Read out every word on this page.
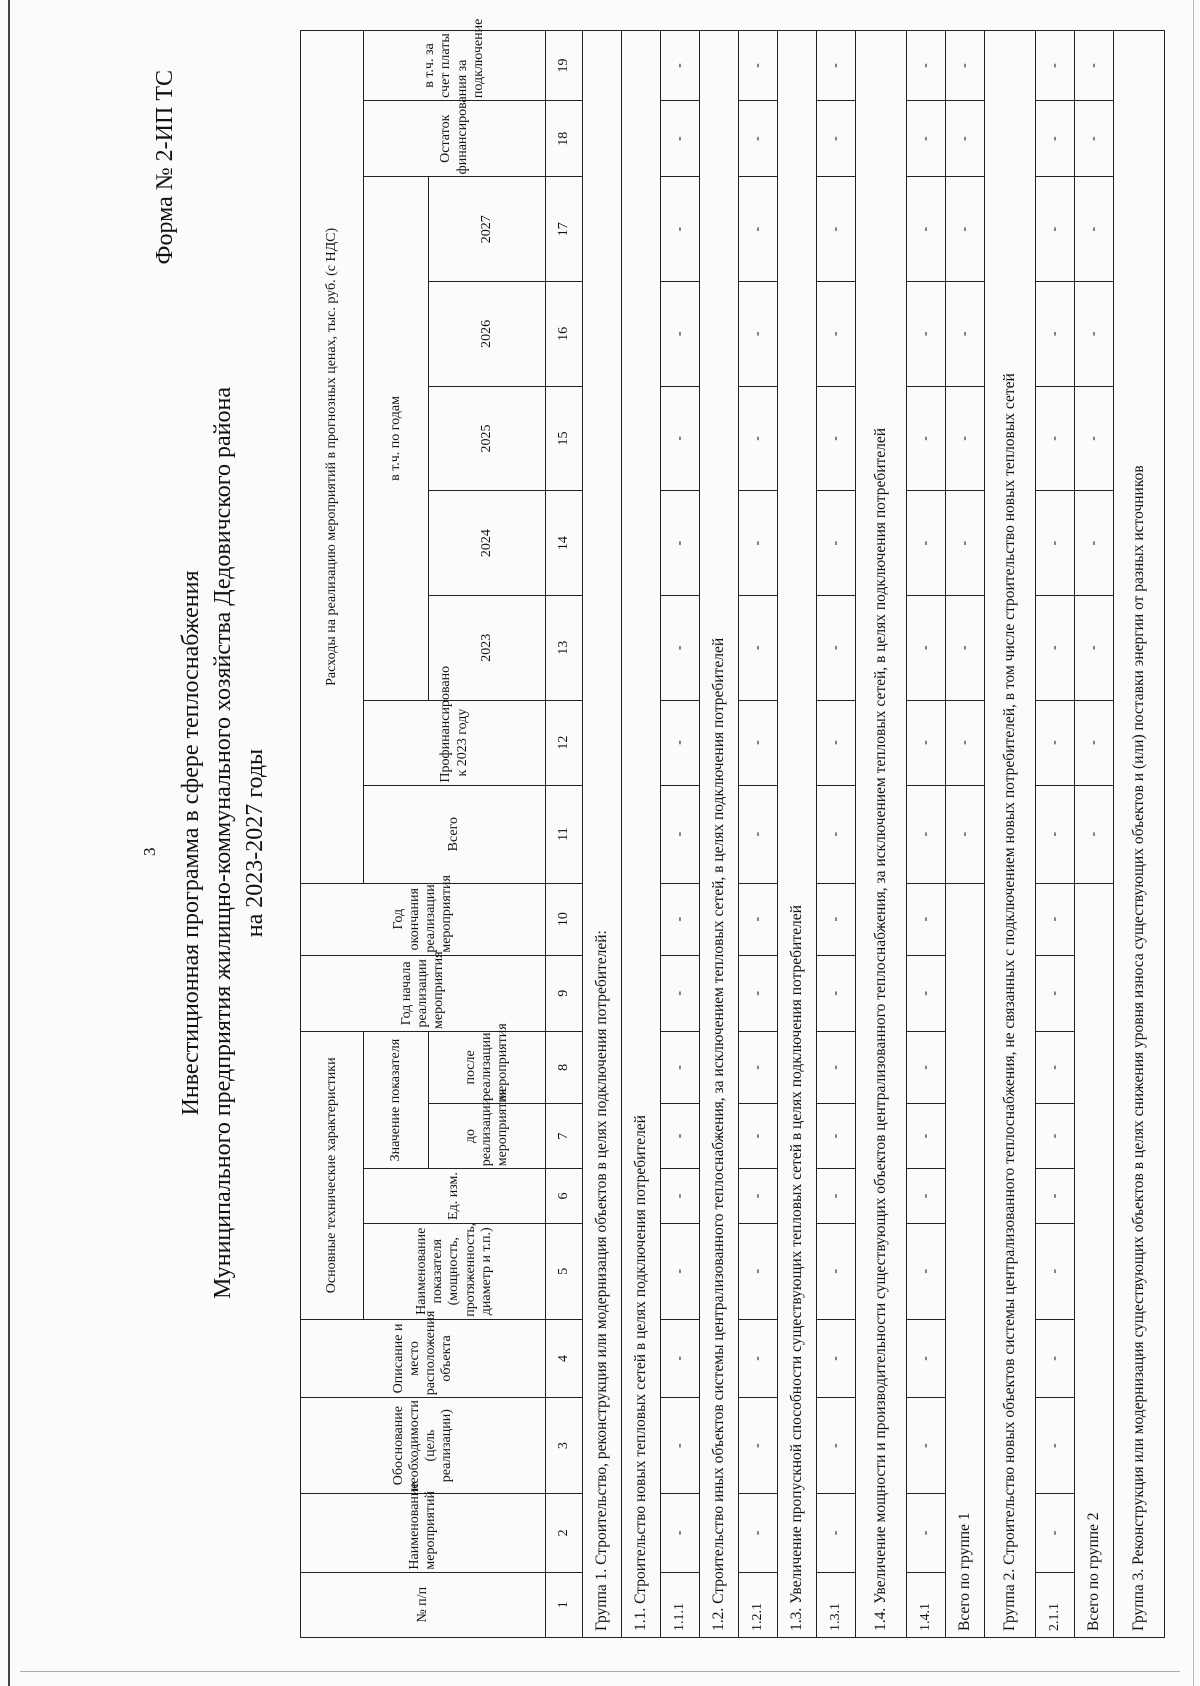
3
Форма № 2-ИП ТС
Инвестиционная программа в сфере теплоснабжения Муниципального предприятия жилищно-коммунального хозяйства Дедовичского района на 2023-2027 годы
№ п/п	Наименование мероприятий	Обоснование необходимости (цель реализации)	Описание и место расположения объекта	Основные технические характеристики				Год начала реализации мероприятия	Год окончания реализации мероприятия	Расходы на реализацию мероприятий в прогнозных ценах, тыс. руб. (с НДС)								
				Наименование показателя (мощность, протяженность, диаметр и т.п.)	Ед. изм.	Значение показателя				Всего	Профинансировано к 2023 году	в т.ч. по годам					Остаток финансирования	в т.ч. за счет платы за подключение
						до реализации мероприятия	после реализации мероприятия					2023	2024	2025	2026	2027		
1	2	3	4	5	6	7	8	9	10	11	12	13	14	15	16	17	18	19
Группа 1. Строительство, реконструкция или модернизация объектов в целях подключения потребителей:																		
1.1. Строительство новых тепловых сетей в целях подключения потребителей																		
1.1.1	-	-	-	-	-	-	-	-	-	-	-	-	-	-	-	-	-	-
1.2. Строительство иных объектов системы централизованного теплоснабжения, за исключением тепловых сетей, в целях подключения потребителей																		
1.2.1	-	-	-	-	-	-	-	-	-	-	-	-	-	-	-	-	-	-
1.3. Увеличение пропускной способности существующих тепловых сетей в целях подключения потребителей																		
1.3.1	-	-	-	-	-	-	-	-	-	-	-	-	-	-	-	-	-	-
1.4. Увеличение мощности и производительности существующих объектов централизованного теплоснабжения, за исключением тепловых сетей, в целях подключения потребителей																		
1.4.1	-	-	-	-	-	-	-	-	-	-	-	-	-	-	-	-	-	-
Всего по группе 1										-	-	-	-	-	-	-	-	-
Группа 2. Строительство новых объектов системы централизованного теплоснабжения, не связанных с подключением новых потребителей, в том числе строительство новых тепловых сетей																		
2.1.1	-	-	-	-	-	-	-	-	-	-	-	-	-	-	-	-	-	-
Всего по группе 2										-	-	-	-	-	-	-	-	-
Группа 3. Реконструкция или модернизация существующих объектов в целях снижения уровня износа существующих объектов и (или) поставки энергии от разных источников																		
